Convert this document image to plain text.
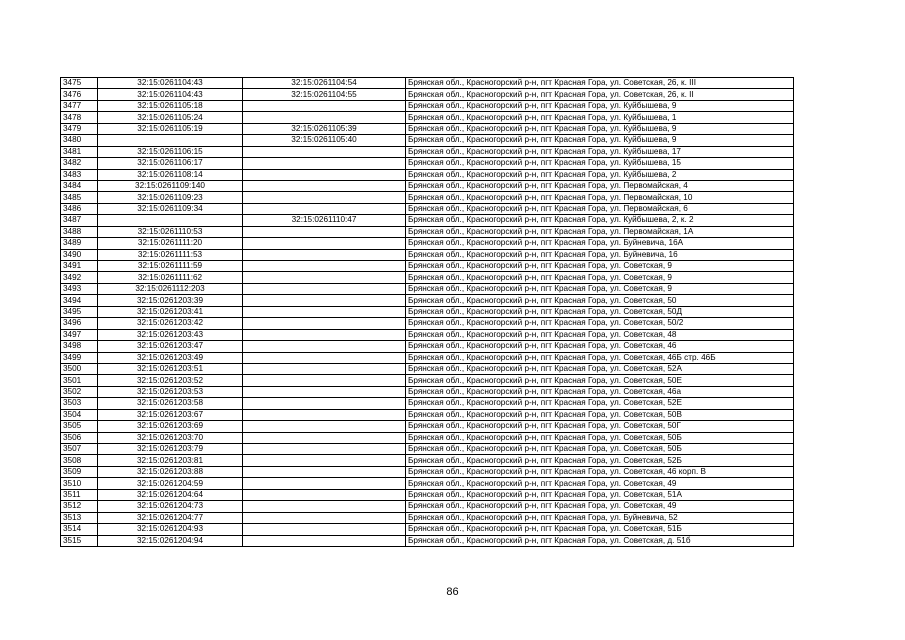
3475	32:15:0261104:43	32:15:0261104:54	Брянская обл., Красногорский р-н, пгт Красная Гора, ул. Советская, 26, к. III
3476	32:15:0261104:43	32:15:0261104:55	Брянская обл., Красногорский р-н, пгт Красная Гора, ул. Советская, 26, к. II
3477	32:15:0261105:18		Брянская обл., Красногорский р-н, пгт Красная Гора, ул. Куйбышева, 9
3478	32:15:0261105:24		Брянская обл., Красногорский р-н, пгт Красная Гора, ул. Куйбышева, 1
3479	32:15:0261105:19	32:15:0261105:39	Брянская обл., Красногорский р-н, пгт Красная Гора, ул. Куйбышева, 9
3480		32:15:0261105:40	Брянская обл., Красногорский р-н, пгт Красная Гора, ул. Куйбышева, 9
3481	32:15:0261106:15		Брянская обл., Красногорский р-н, пгт Красная Гора, ул. Куйбышева, 17
3482	32:15:0261106:17		Брянская обл., Красногорский р-н, пгт Красная Гора, ул. Куйбышева, 15
3483	32:15:0261108:14		Брянская обл., Красногорский р-н, пгт Красная Гора, ул. Куйбышева, 2
3484	32:15:0261109:140		Брянская обл., Красногорский р-н, пгт Красная Гора, ул. Первомайская, 4
3485	32:15:0261109:23		Брянская обл., Красногорский р-н, пгт Красная Гора, ул. Первомайская, 10
3486	32:15:0261109:34		Брянская обл., Красногорский р-н, пгт Красная Гора, ул. Первомайская, 6
3487		32:15:0261110:47	Брянская обл., Красногорский р-н, пгт Красная Гора, ул. Куйбышева, 2, к. 2
3488	32:15:0261110:53		Брянская обл., Красногорский р-н, пгт Красная Гора, ул. Первомайская, 1А
3489	32:15:0261111:20		Брянская обл., Красногорский р-н, пгт Красная Гора, ул. Буйневича, 16А
3490	32:15:0261111:53		Брянская обл., Красногорский р-н, пгт Красная Гора, ул. Буйневича, 16
3491	32:15:0261111:59		Брянская обл., Красногорский р-н, пгт Красная Гора, ул. Советская, 9
3492	32:15:0261111:62		Брянская обл., Красногорский р-н, пгт Красная Гора, ул. Советская, 9
3493	32:15:0261112:203		Брянская обл., Красногорский р-н, пгт Красная Гора, ул. Советская, 9
3494	32:15:0261203:39		Брянская обл., Красногорский р-н, пгт Красная Гора, ул. Советская, 50
3495	32:15:0261203:41		Брянская обл., Красногорский р-н, пгт Красная Гора, ул. Советская, 50Д
3496	32:15:0261203:42		Брянская обл., Красногорский р-н, пгт Красная Гора, ул. Советская, 50/2
3497	32:15:0261203:43		Брянская обл., Красногорский р-н, пгт Красная Гора, ул. Советская, 48
3498	32:15:0261203:47		Брянская обл., Красногорский р-н, пгт Красная Гора, ул. Советская, 46
3499	32:15:0261203:49		Брянская обл., Красногорский р-н, пгт Красная Гора, ул. Советская, 46Б стр. 46Б
3500	32:15:0261203:51		Брянская обл., Красногорский р-н, пгт Красная Гора, ул. Советская, 52А
3501	32:15:0261203:52		Брянская обл., Красногорский р-н, пгт Красная Гора, ул. Советская, 50Е
3502	32:15:0261203:53		Брянская обл., Красногорский р-н, пгт Красная Гора, ул. Советская, 46а
3503	32:15:0261203:58		Брянская обл., Красногорский р-н, пгт Красная Гора, ул. Советская, 52Е
3504	32:15:0261203:67		Брянская обл., Красногорский р-н, пгт Красная Гора, ул. Советская, 50В
3505	32:15:0261203:69		Брянская обл., Красногорский р-н, пгт Красная Гора, ул. Советская, 50Г
3506	32:15:0261203:70		Брянская обл., Красногорский р-н, пгт Красная Гора, ул. Советская, 50Б
3507	32:15:0261203:79		Брянская обл., Красногорский р-н, пгт Красная Гора, ул. Советская, 50Б
3508	32:15:0261203:81		Брянская обл., Красногорский р-н, пгт Красная Гора, ул. Советская, 52Б
3509	32:15:0261203:88		Брянская обл., Красногорский р-н, пгт Красная Гора, ул. Советская, 46 корп. В
3510	32:15:0261204:59		Брянская обл., Красногорский р-н, пгт Красная Гора, ул. Советская, 49
3511	32:15:0261204:64		Брянская обл., Красногорский р-н, пгт Красная Гора, ул. Советская, 51А
3512	32:15:0261204:73		Брянская обл., Красногорский р-н, пгт Красная Гора, ул. Советская, 49
3513	32:15:0261204:77		Брянская обл., Красногорский р-н, пгт Красная Гора, ул. Буйневича, 52
3514	32:15:0261204:93		Брянская обл., Красногорский р-н, пгт Красная Гора, ул. Советская, 51Б
3515	32:15:0261204:94		Брянская обл., Красногорский р-н, пгт Красная Гора, ул. Советская, д. 51б
86
